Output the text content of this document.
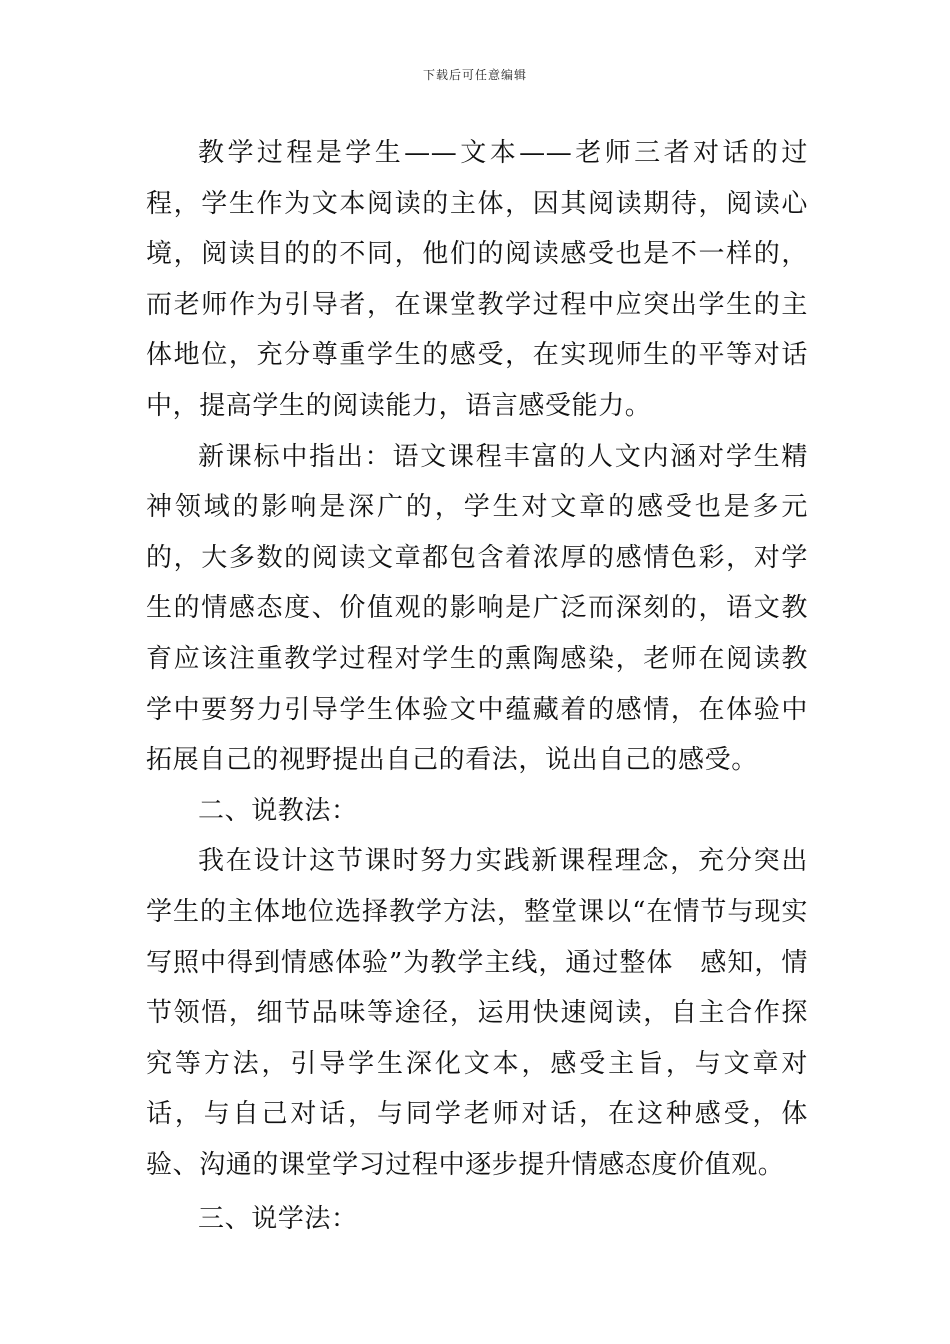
下载后可任意编辑

教学过程是学生——文本——老师三者对话的过程，学生作为文本阅读的主体，因其阅读期待，阅读心境，阅读目的的不同，他们的阅读感受也是不一样的，而老师作为引导者，在课堂教学过程中应突出学生的主体地位，充分尊重学生的感受，在实现师生的平等对话中，提高学生的阅读能力，语言感受能力。

新课标中指出：语文课程丰富的人文内涵对学生精神领域的影响是深广的，学生对文章的感受也是多元的，大多数的阅读文章都包含着浓厚的感情色彩，对学生的情感态度、价值观的影响是广泛而深刻的，语文教育应该注重教学过程对学生的熏陶感染，老师在阅读教学中要努力引导学生体验文中蕴藏着的感情，在体验中拓展自己的视野提出自己的看法，说出自己的感受。

二、说教法：

我在设计这节课时努力实践新课程理念，充分突出学生的主体地位选择教学方法，整堂课以“在情节与现实写照中得到情感体验”为教学主线，通过整体　感知，情节领悟，细节品味等途径，运用快速阅读，自主合作探究等方法，引导学生深化文本，感受主旨，与文章对话，与自己对话，与同学老师对话，在这种感受，体验、沟通的课堂学习过程中逐步提升情感态度价值观。

三、说学法：
